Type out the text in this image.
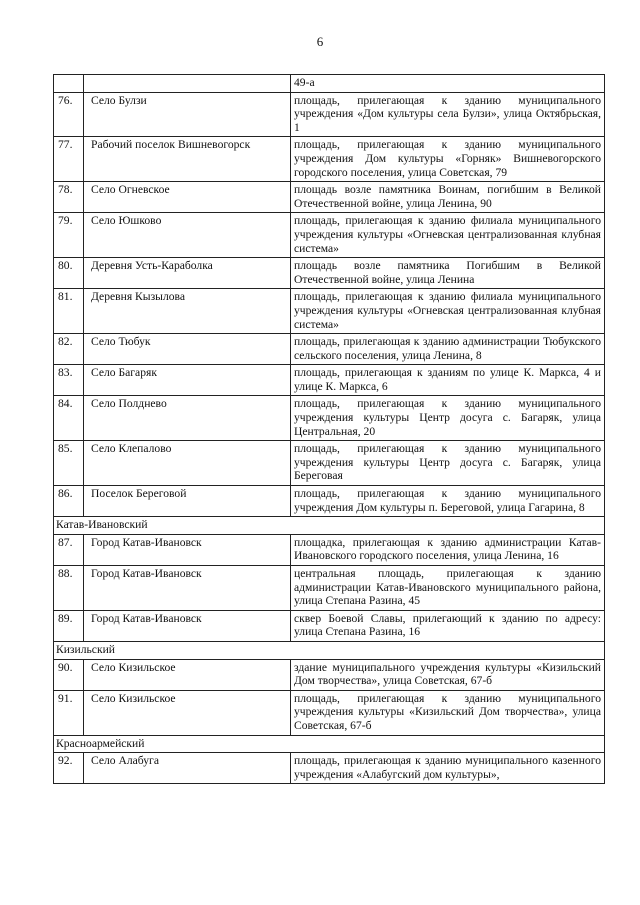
6
		49-а
76.	Село Булзи	площадь, прилегающая к зданию муниципального учреждения «Дом культуры села Булзи», улица Октябрьская, 1
77.	Рабочий поселок Вишневогорск	площадь, прилегающая к зданию муниципального учреждения Дом культуры «Горняк» Вишневогорского городского поселения, улица Советская, 79
78.	Село Огневское	площадь возле памятника Воинам, погибшим в Великой Отечественной войне, улица Ленина, 90
79.	Село Юшково	площадь, прилегающая к зданию филиала муниципального учреждения культуры «Огневская централизованная клубная система»
80.	Деревня Усть-Караболка	площадь возле памятника Погибшим в Великой Отечественной войне, улица Ленина
81.	Деревня Кызылова	площадь, прилегающая к зданию филиала муниципального учреждения культуры «Огневская централизованная клубная система»
82.	Село Тюбук	площадь, прилегающая к зданию администрации Тюбукского сельского поселения, улица Ленина, 8
83.	Село Багаряк	площадь, прилегающая к зданиям по улице К. Маркса, 4 и улице К. Маркса, 6
84.	Село Полднево	площадь, прилегающая к зданию муниципального учреждения культуры Центр досуга с. Багаряк, улица Центральная, 20
85.	Село Клепалово	площадь, прилегающая к зданию муниципального учреждения культуры Центр досуга с. Багаряк, улица Береговая
86.	Поселок Береговой	площадь, прилегающая к зданию муниципального учреждения Дом культуры п. Береговой, улица Гагарина, 8
Катав-Ивановский		
87.	Город Катав-Ивановск	площадка, прилегающая к зданию администрации Катав-Ивановского городского поселения, улица Ленина, 16
88.	Город Катав-Ивановск	центральная площадь, прилегающая к зданию администрации Катав-Ивановского муниципального района, улица Степана Разина, 45
89.	Город Катав-Ивановск	сквер Боевой Славы, прилегающий к зданию по адресу: улица Степана Разина, 16
Кизильский		
90.	Село Кизильское	здание муниципального учреждения культуры «Кизильский Дом творчества», улица Советская, 67-б
91.	Село Кизильское	площадь, прилегающая к зданию муниципального учреждения культуры «Кизильский Дом творчества», улица Советская, 67-б
Красноармейский		
92.	Село Алабуга	площадь, прилегающая к зданию муниципального казенного учреждения «Алабугский дом культуры»,
